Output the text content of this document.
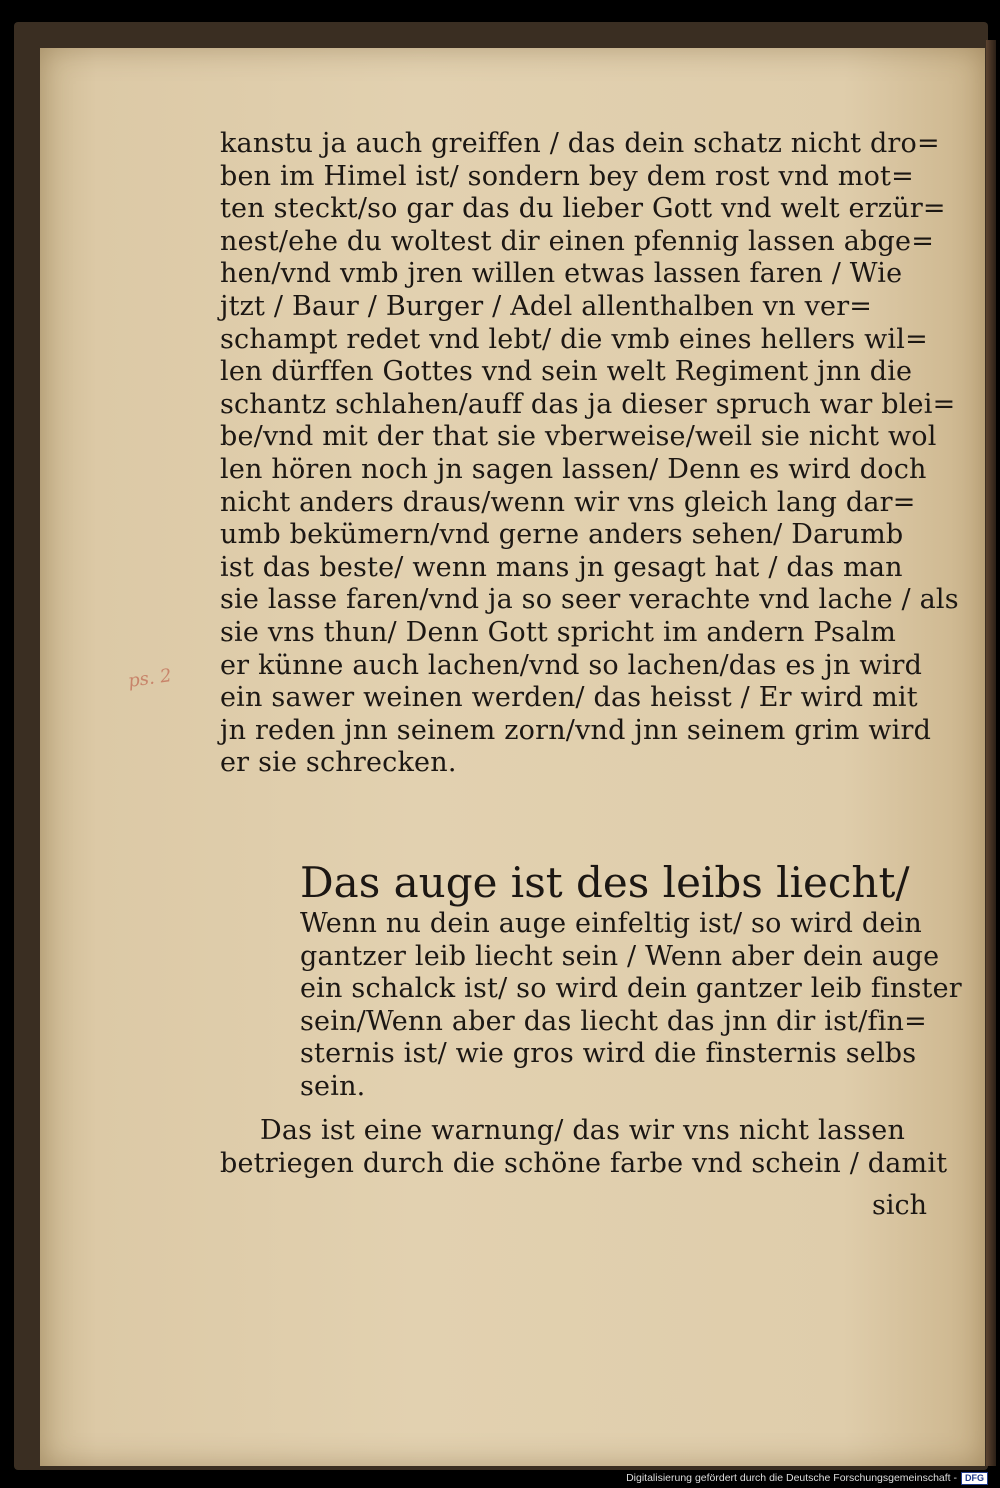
kanstu ja auch greiffen / das dein schatz nicht dro=
ben im Himel ist/ sondern bey dem rost vnd mot=
ten steckt/so gar das du lieber Gott vnd welt erzür=
nest/ehe du woltest dir einen pfennig lassen abge=
hen/vnd vmb jren willen etwas lassen faren / Wie
jtzt / Baur / Burger / Adel allenthalben vn ver=
schampt redet vnd lebt/ die vmb eines hellers wil=
len dürffen Gottes vnd sein welt Regiment jnn die
schantz schlahen/auff das ja dieser spruch war blei=
be/vnd mit der that sie vberweise/weil sie nicht wol
len hören noch jn sagen lassen/ Denn es wird doch
nicht anders draus/wenn wir vns gleich lang dar=
umb bekümern/vnd gerne anders sehen/ Darumb
ist das beste/ wenn mans jn gesagt hat / das man
sie lasse faren/vnd ja so seer verachte vnd lache / als
sie vns thun/ Denn Gott spricht im andern Psalm
er künne auch lachen/vnd so lachen/das es jn wird
ein sawer weinen werden/ das heisst / Er wird mit
jn reden jnn seinem zorn/vnd jnn seinem grim wird
er sie schrecken.
ps. 2
Das auge ist des leibs liecht/
Wenn nu dein auge einfeltig ist/ so wird dein
gantzer leib liecht sein / Wenn aber dein auge
ein schalck ist/ so wird dein gantzer leib finster
sein/Wenn aber das liecht das jnn dir ist/fin=
sternis ist/ wie gros wird die finsternis selbs
sein.
Das ist eine warnung/ das wir vns nicht lassen
betriegen durch die schöne farbe vnd schein / damit
sich
Digitalisierung gefördert durch die Deutsche Forschungsgemeinschaft - DFG
